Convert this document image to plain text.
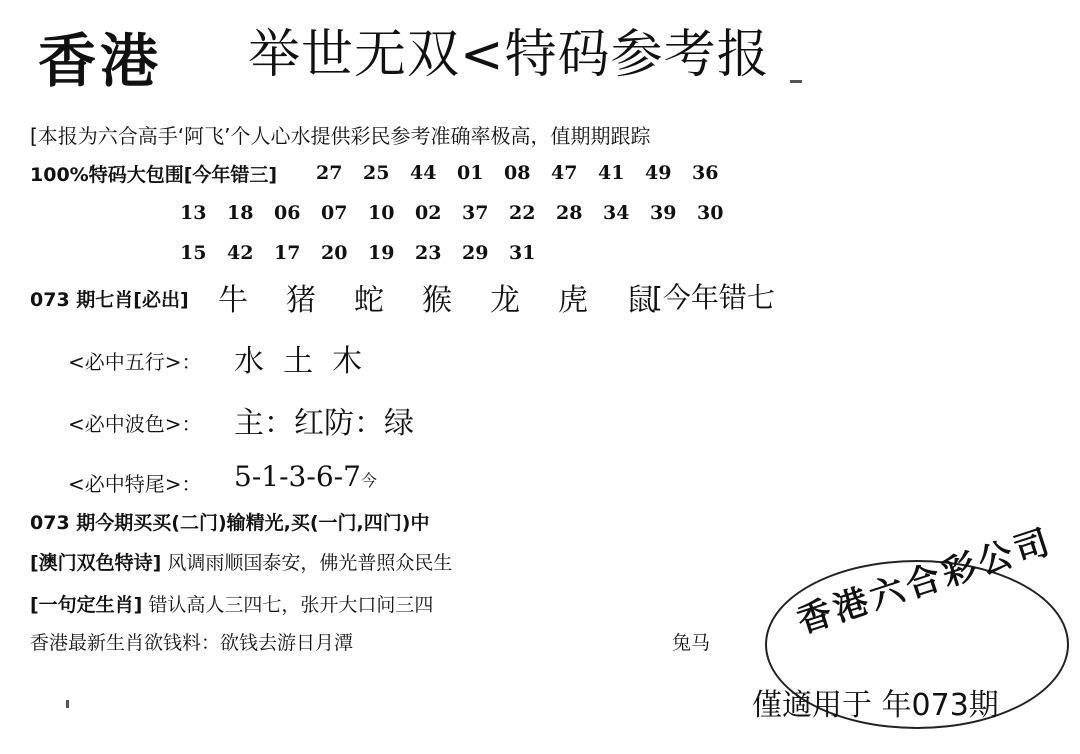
香港 举世无双<特码参考报
[本报为六合高手‘阿飞’个人心水提供彩民参考准确率极高，值期期跟踪
100%特码大包围[今年错三] 27 25 44 01 08 47 41 49 36
13 18 06 07 10 02 37 22 28 34 39 30
15 42 17 20 19 23 29 31
073 期七肖[必出] 牛 猪 蛇 猴 龙 虎 鼠
[今年错七
<必中五行>： 水  土  木
<必中波色>： 主：红防：绿
<必中特尾>： 5-1-3-6-7今
073 期今期买买(二门)输精光,买(一门,四门)中
[澳门双色特诗] 风调雨顺国泰安，佛光普照众民生
[一句定生肖] 错认高人三四七，张开大口问三四
香港最新生肖欲钱料：欲钱去游日月潭	兔马
香港六合彩公司
僅適用于 年073期
